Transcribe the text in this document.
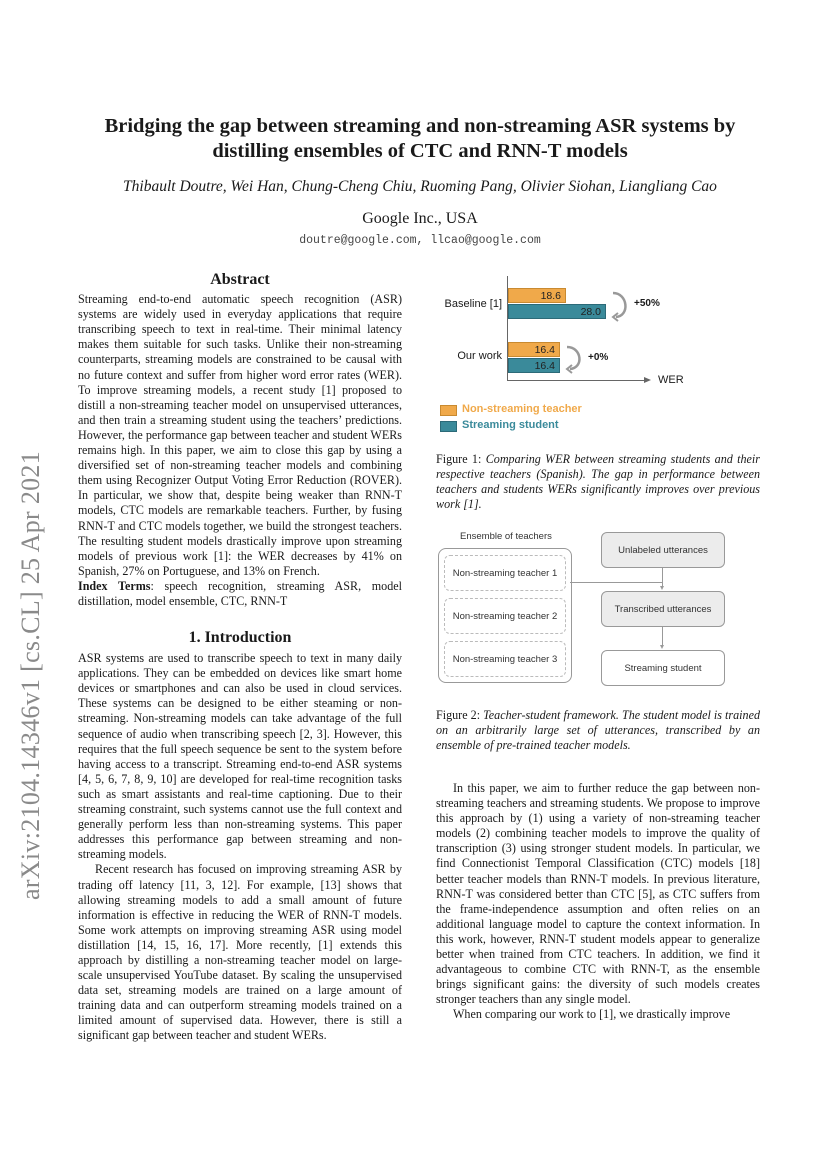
Bridging the gap between streaming and non-streaming ASR systems by
distilling ensembles of CTC and RNN-T models
Thibault Doutre, Wei Han, Chung-Cheng Chiu, Ruoming Pang, Olivier Siohan, Liangliang Cao
Google Inc., USA
doutre@google.com, llcao@google.com
arXiv:2104.14346v1 [cs.CL] 25 Apr 2021

Abstract

Streaming end-to-end automatic speech recognition (ASR) systems are widely used in everyday applications that require transcribing speech to text in real-time. Their minimal latency makes them suitable for such tasks. Unlike their non-streaming counterparts, streaming models are constrained to be causal with no future context and suffer from higher word error rates (WER). To improve streaming models, a recent study [1] proposed to distill a non-streaming teacher model on unsupervised utterances, and then train a streaming student using the teachers’ predictions. However, the performance gap between teacher and student WERs remains high. In this paper, we aim to close this gap by using a diversified set of non-streaming teacher models and combining them using Recognizer Output Voting Error Reduction (ROVER). In particular, we show that, despite being weaker than RNN-T models, CTC models are remarkable teachers. Further, by fusing RNN-T and CTC models together, we build the strongest teachers. The resulting student models drastically improve upon streaming models of previous work [1]: the WER decreases by 41% on Spanish, 27% on Portuguese, and 13% on French.

Index Terms: speech recognition, streaming ASR, model distillation, model ensemble, CTC, RNN-T

1. Introduction

ASR systems are used to transcribe speech to text in many daily applications. They can be embedded on devices like smart home devices or smartphones and can also be used in cloud services. These systems can be designed to be either steaming or non-streaming. Non-streaming models can take advantage of the full sequence of audio when transcribing speech [2, 3]. However, this requires that the full speech sequence be sent to the system before having access to a transcript. Streaming end-to-end ASR systems [4, 5, 6, 7, 8, 9, 10] are developed for real-time recognition tasks such as smart assistants and real-time captioning. Due to their streaming constraint, such systems cannot use the full context and generally perform less than non-streaming systems. This paper addresses this performance gap between streaming and non-streaming models.

Recent research has focused on improving streaming ASR by trading off latency [11, 3, 12]. For example, [13] shows that allowing streaming models to add a small amount of future information is effective in reducing the WER of RNN-T models. Some work attempts on improving streaming ASR using model distillation [14, 15, 16, 17]. More recently, [1] extends this approach by distilling a non-streaming teacher model on large-scale unsupervised YouTube dataset. By scaling the unsupervised data set, streaming models are trained on a large amount of training data and can outperform streaming models trained on a limited amount of supervised data. However, there is still a significant gap between teacher and student WERs.

WER
Baseline [1]
18.6
28.0
+50%
Our work	16.4
16.4
+0%
Non-streaming teacher
Streaming student
Figure 1: Comparing WER between streaming students and their respective teachers (Spanish). The gap in performance between teachers and students WERs significantly improves over previous work [1].
Ensemble of teachers
Non-streaming teacher 1
Non-streaming teacher 2
Non-streaming teacher 3
Unlabeled utterances
Transcribed utterances
Streaming student
Figure 2: Teacher-student framework. The student model is trained on an arbitrarily large set of utterances, transcribed by an ensemble of pre-trained teacher models.

In this paper, we aim to further reduce the gap between non-streaming teachers and streaming students. We propose to improve this approach by (1) using a variety of non-streaming teacher models (2) combining teacher models to improve the quality of transcription (3) using stronger student models. In particular, we find Connectionist Temporal Classification (CTC) models [18] better teacher models than RNN-T models. In previous literature, RNN-T was considered better than CTC [5], as CTC suffers from the frame-independence assumption and often relies on an additional language model to capture the context information. In this work, however, RNN-T student models appear to generalize better when trained from CTC teachers. In addition, we find it advantageous to combine CTC with RNN-T, as the ensemble brings significant gains: the diversity of such models creates stronger teachers than any single model.

When comparing our work to [1], we drastically improve
